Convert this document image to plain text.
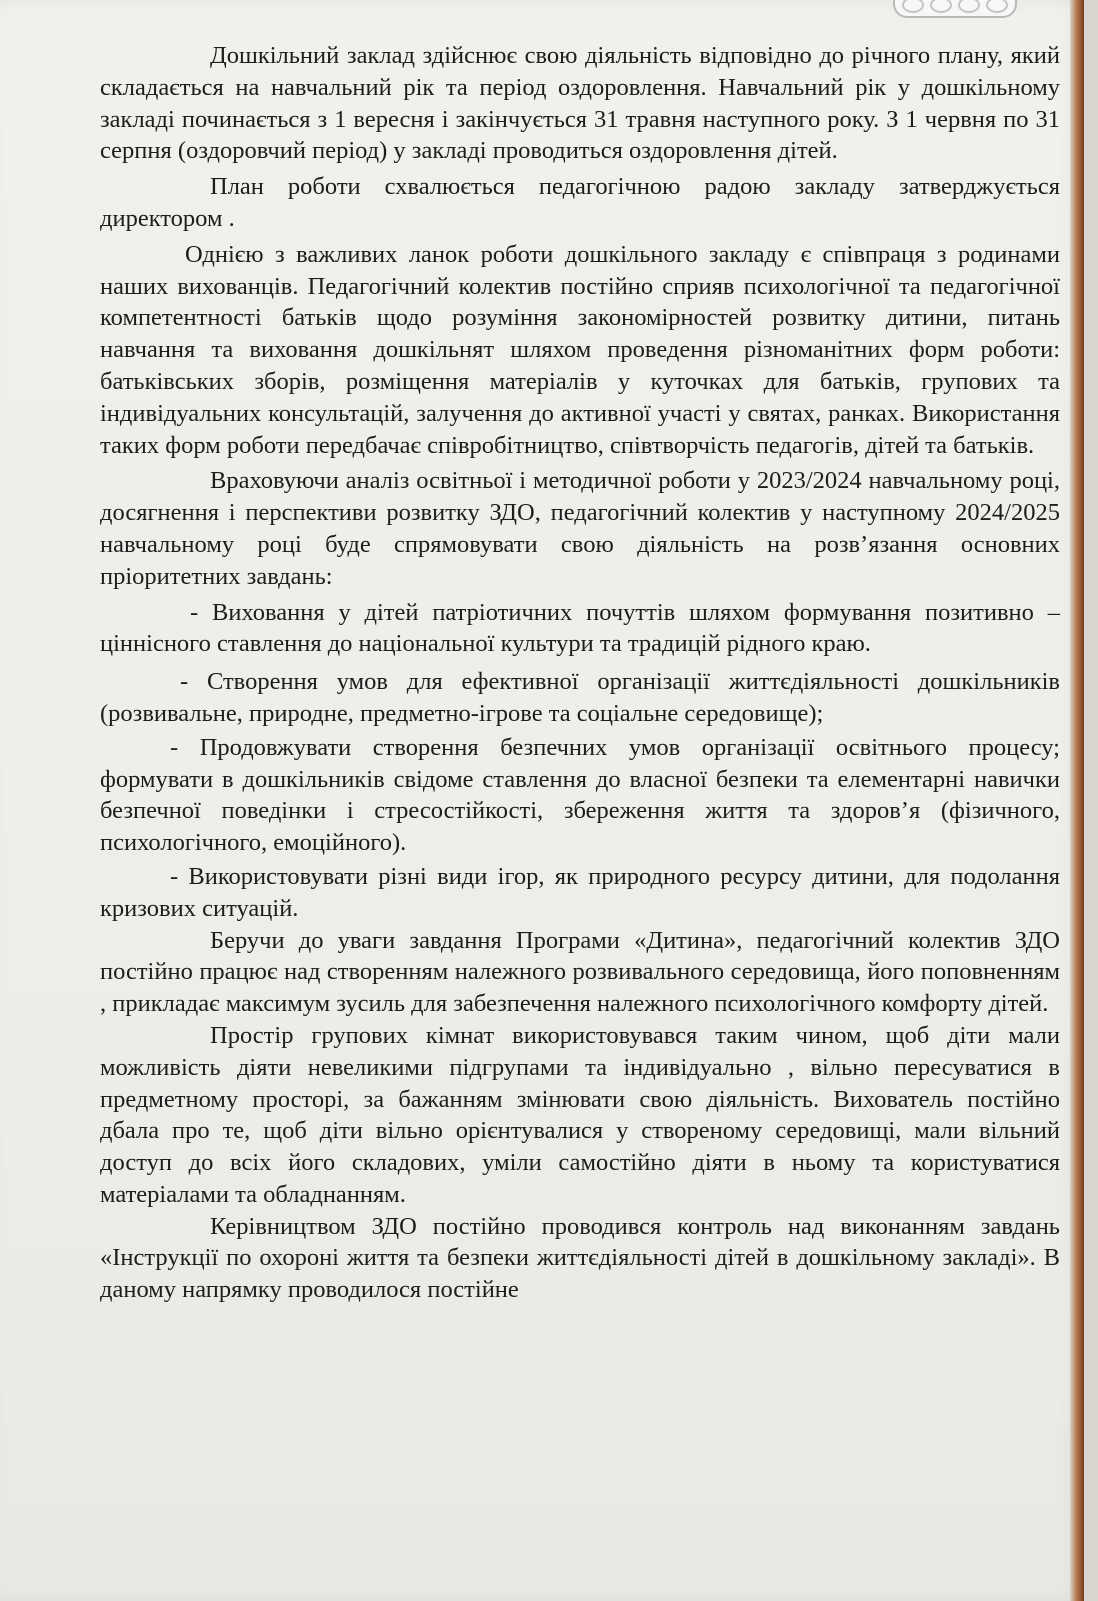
Дошкільний заклад здійснює свою діяльність відповідно до річного плану, який складається на навчальний рік та період оздоровлення. Навчальний рік у дошкільному закладі починається з 1 вересня і закінчується 31 травня наступного року. З 1 червня по 31 серпня (оздоровчий період) у закладі проводиться оздоровлення дітей.

План роботи схвалюється педагогічною радою закладу затверджується директором .

Однією з важливих ланок роботи дошкільного закладу є співпраця з родинами наших вихованців. Педагогічний колектив постійно сприяв психологічної та педагогічної компетентності батьків щодо розуміння закономірностей розвитку дитини, питань навчання та виховання дошкільнят шляхом проведення різноманітних форм роботи: батьківських зборів, розміщення матеріалів у куточках для батьків, групових та індивідуальних консультацій, залучення до активної участі у святах, ранках. Використання таких форм роботи передбачає співробітництво, співтворчість педагогів, дітей та батьків.

Враховуючи аналіз освітньої і методичної роботи у 2023/2024 навчальному році, досягнення і перспективи розвитку ЗДО, педагогічний колектив у наступному 2024/2025 навчальному році буде спрямовувати свою діяльність на розв’язання основних пріоритетних завдань:

- Виховання у дітей патріотичних почуттів шляхом формування позитивно – ціннісного ставлення до національної культури та традицій рідного краю.

- Створення умов для ефективної організації життєдіяльності дошкільників (розвивальне, природне, предметно-ігрове та соціальне середовище);

- Продовжувати створення безпечних умов організації освітнього процесу; формувати в дошкільників свідоме ставлення до власної безпеки та елементарні навички безпечної поведінки і стресостійкості, збереження життя та здоров’я (фізичного, психологічного, емоційного).

- Використовувати різні види ігор, як природного ресурсу дитини, для подолання кризових ситуацій.

Беручи до уваги завдання Програми «Дитина», педагогічний колектив ЗДО постійно працює над створенням належного розвивального середовища, його поповненням , прикладає максимум зусиль для забезпечення належного психологічного комфорту дітей.

Простір групових кімнат використовувався таким чином, щоб діти мали можливість діяти невеликими підгрупами та індивідуально , вільно пересуватися в предметному просторі, за бажанням змінювати свою діяльність. Вихователь постійно дбала про те, щоб діти вільно орієнтувалися у створеному середовищі, мали вільний доступ до всіх його складових, уміли самостійно діяти в ньому та користуватися матеріалами та обладнанням.

Керівництвом ЗДО постійно проводився контроль над виконанням завдань «Інструкції по охороні життя та безпеки життєдіяльності дітей в дошкільному закладі». В даному напрямку проводилося постійне
